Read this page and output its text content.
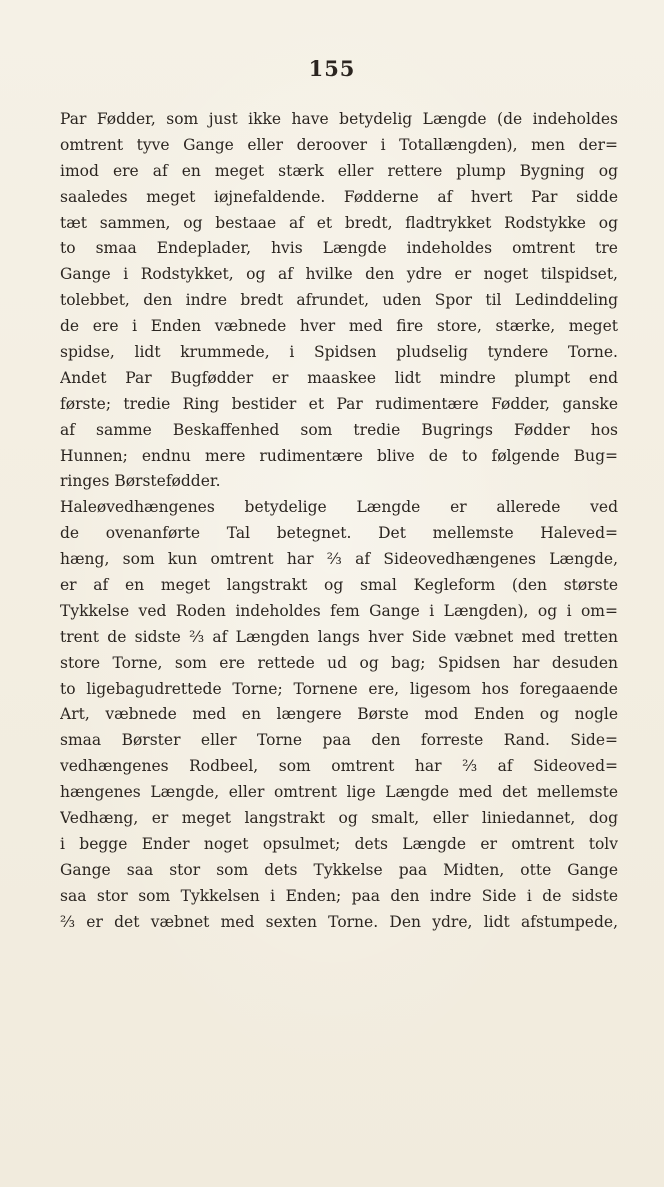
155
Par Fødder, som just ikke have betydelig Længde (de indeholdes
omtrent tyve Gange eller deroover i Totallængden), men der=
imod ere af en meget stærk eller rettere plump Bygning og
saaledes meget iøjnefaldende. Fødderne af hvert Par sidde
tæt sammen, og bestaae af et bredt, fladtrykket Rodstykke og
to smaa Endeplader, hvis Længde indeholdes omtrent tre
Gange i Rodstykket, og af hvilke den ydre er noget tilspidset,
tolebbet, den indre bredt afrundet, uden Spor til Ledinddeling
de ere i Enden væbnede hver med fire store, stærke, meget
spidse, lidt krummede, i Spidsen pludselig tyndere Torne.
Andet Par Bugfødder er maaskee lidt mindre plumpt end
første; tredie Ring bestider et Par rudimentære Fødder, ganske
af samme Beskaffenhed som tredie Bugrings Fødder hos
Hunnen; endnu mere rudimentære blive de to følgende Bug=
ringes Børstefødder.
Haleøvedhængenes betydelige Længde er allerede ved
de ovenanførte Tal betegnet. Det mellemste Haleved=
hæng, som kun omtrent har ⅔ af Sideovedhængenes Længde,
er af en meget langstrakt og smal Kegleform (den største
Tykkelse ved Roden indeholdes fem Gange i Længden), og i om=
trent de sidste ⅔ af Længden langs hver Side væbnet med tretten
store Torne, som ere rettede ud og bag; Spidsen har desuden
to ligebagudrettede Torne; Tornene ere, ligesom hos foregaaende
Art, væbnede med en længere Børste mod Enden og nogle
smaa Børster eller Torne paa den forreste Rand. Side=
vedhængenes Rodbeel, som omtrent har ⅔ af Sideoved=
hængenes Længde, eller omtrent lige Længde med det mellemste
Vedhæng, er meget langstrakt og smalt, eller liniedannet, dog
i begge Ender noget opsulmet; dets Længde er omtrent tolv
Gange saa stor som dets Tykkelse paa Midten, otte Gange
saa stor som Tykkelsen i Enden; paa den indre Side i de sidste
⅔ er det væbnet med sexten Torne. Den ydre, lidt afstumpede,
